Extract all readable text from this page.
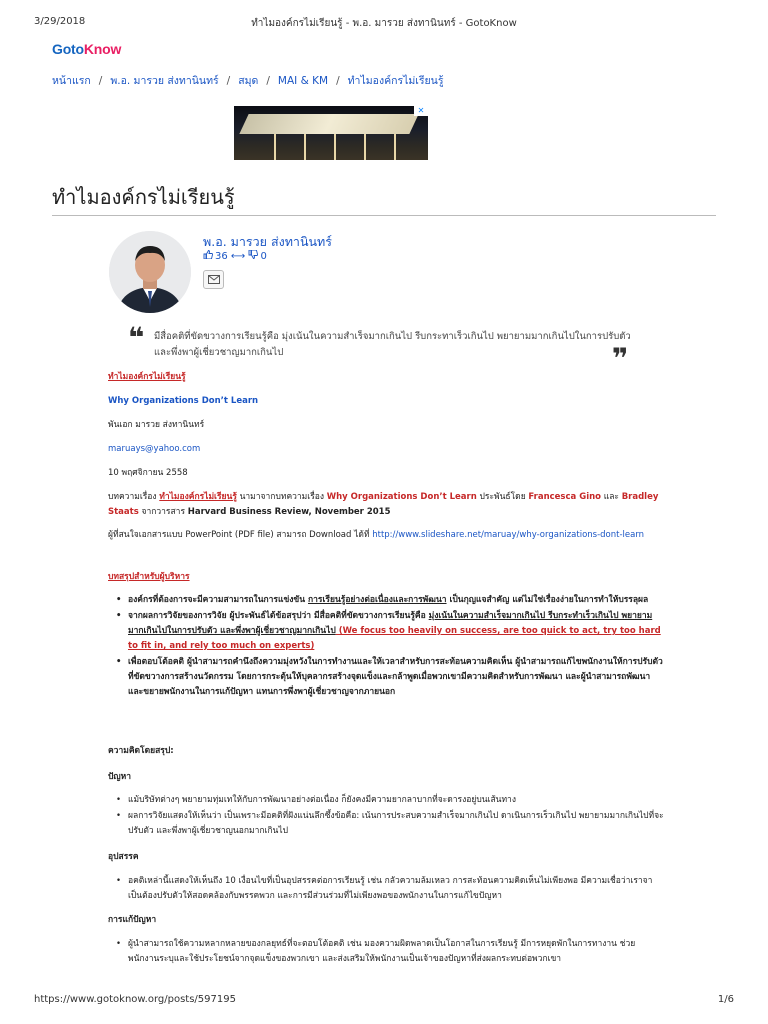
3/29/2018	ทำไมองค์กรไม่เรียนรู้ - พ.อ. มารวย ส่งทานินทร์ - GotoKnow
GotoKnow
หน้าแรก / พ.อ. มารวย ส่งทานินทร์ / สมุด / MAI & KM / ทำไมองค์กรไม่เรียนรู้
✕
ทำไมองค์กรไม่เรียนรู้
พ.อ. มารวย ส่งทานินทร์
36 ⟷ 0
❝ มีสื่อคติที่ขัดขวางการเรียนรู้คือ มุ่งเน้นในความสำเร็จมากเกินไป รีบกระทาเร็วเกินไป พยายามมากเกินไปในการปรับตัว และพึ่งพาผู้เชี่ยวชาญมากเกินไป	❞
ทำไมองค์กรไม่เรียนรู้
Why Organizations Don’t Learn
พันเอก มารวย ส่งทานินทร์
maruays@yahoo.com
10 พฤศจิกายน 2558
บทความเรื่อง ทำไมองค์กรไม่เรียนรู้ นามาจากบทความเรื่อง Why Organizations Don’t Learn ประพันธ์โดย Francesca Gino และ Bradley Staats จากวารสาร Harvard Business Review, November 2015
ผู้ที่สนใจเอกสารแบบ PowerPoint (PDF file) สามารถ Download ได้ที่ http://www.slideshare.net/maruay/why-organizations-dont-learn
บทสรุปสำหรับผู้บริหาร
• องค์กรที่ต้องการจะมีความสามารถในการแข่งขัน การเรียนรู้อย่างต่อเนื่องและการพัฒนา เป็นกุญแจสำคัญ แต่ไม่ใช่เรื่องง่ายในการทำให้บรรลุผล
• จากผลการวิจัยของการวิจัย ผู้ประพันธ์ได้ข้อสรุปว่า มีสื่อคติที่ขัดขวางการเรียนรู้คือ มุ่งเน้นในความสำเร็จมากเกินไป รีบกระทำเร็วเกินไป พยายามมากเกินไปในการปรับตัว และพึ่งพาผู้เชี่ยวชาญมากเกินไป (We focus too heavily on success, are too quick to act, try too hard to fit in, and rely too much on experts)
• เพื่อตอบโต้อคติ ผู้นำสามารถคำนึงถึงความมุ่งหวังในการทำงานและให้เวลาสำหรับการสะท้อนความคิดเห็น ผู้นำสามารถแก้ไขพนักงานให้การปรับตัวที่ขัดขวางการสร้างนวัตกรรม โดยการกระตุ้นให้บุคลากรสร้างจุดแข็งและกล้าพูดเมื่อพวกเขามีความคิดสำหรับการพัฒนา และผู้นำสามารถพัฒนาและขยายพนักงานในการแก้ปัญหา แทนการพึ่งพาผู้เชี่ยวชาญจากภายนอก
ความคิดโดยสรุป:
ปัญหา
• แม้บริษัทต่างๆ พยายามทุ่มเทให้กับการพัฒนาอย่างต่อเนื่อง ก็ยังคงมีความยากลาบากที่จะดารงอยู่บนเส้นทาง
• ผลการวิจัยแสดงให้เห็นว่า เป็นเพราะมีอคติที่ฝังแน่นลึกซึ้งข้อคือ: เน้นการประสบความสำเร็จมากเกินไป ดาเนินการเร็วเกินไป พยายามมากเกินไปที่จะปรับตัว และพึ่งพาผู้เชี่ยวชาญนอกมากเกินไป
อุปสรรค
• อคติเหล่านี้แสดงให้เห็นถึง 10 เงื่อนไขที่เป็นอุปสรรคต่อการเรียนรู้ เช่น กลัวความล้มเหลว การสะท้อนความคิดเห็นไม่เพียงพอ มีความเชื่อว่าเราจาเป็นต้องปรับตัวให้สอดคล้องกับพรรคพวก และการมีส่วนร่วมที่ไม่เพียงพอของพนักงานในการแก้ไขปัญหา
การแก้ปัญหา
• ผู้นำสามารถใช้ความหลากหลายของกลยุทธ์ที่จะตอบโต้อคติ เช่น มองความผิดพลาดเป็นโอกาสในการเรียนรู้ มีการหยุดพักในการทางาน ช่วยพนักงานระบุและใช้ประโยชน์จากจุดแข็งของพวกเขา และส่งเสริมให้พนักงานเป็นเจ้าของปัญหาที่ส่งผลกระทบต่อพวกเขา
https://www.gotoknow.org/posts/597195	1/6
